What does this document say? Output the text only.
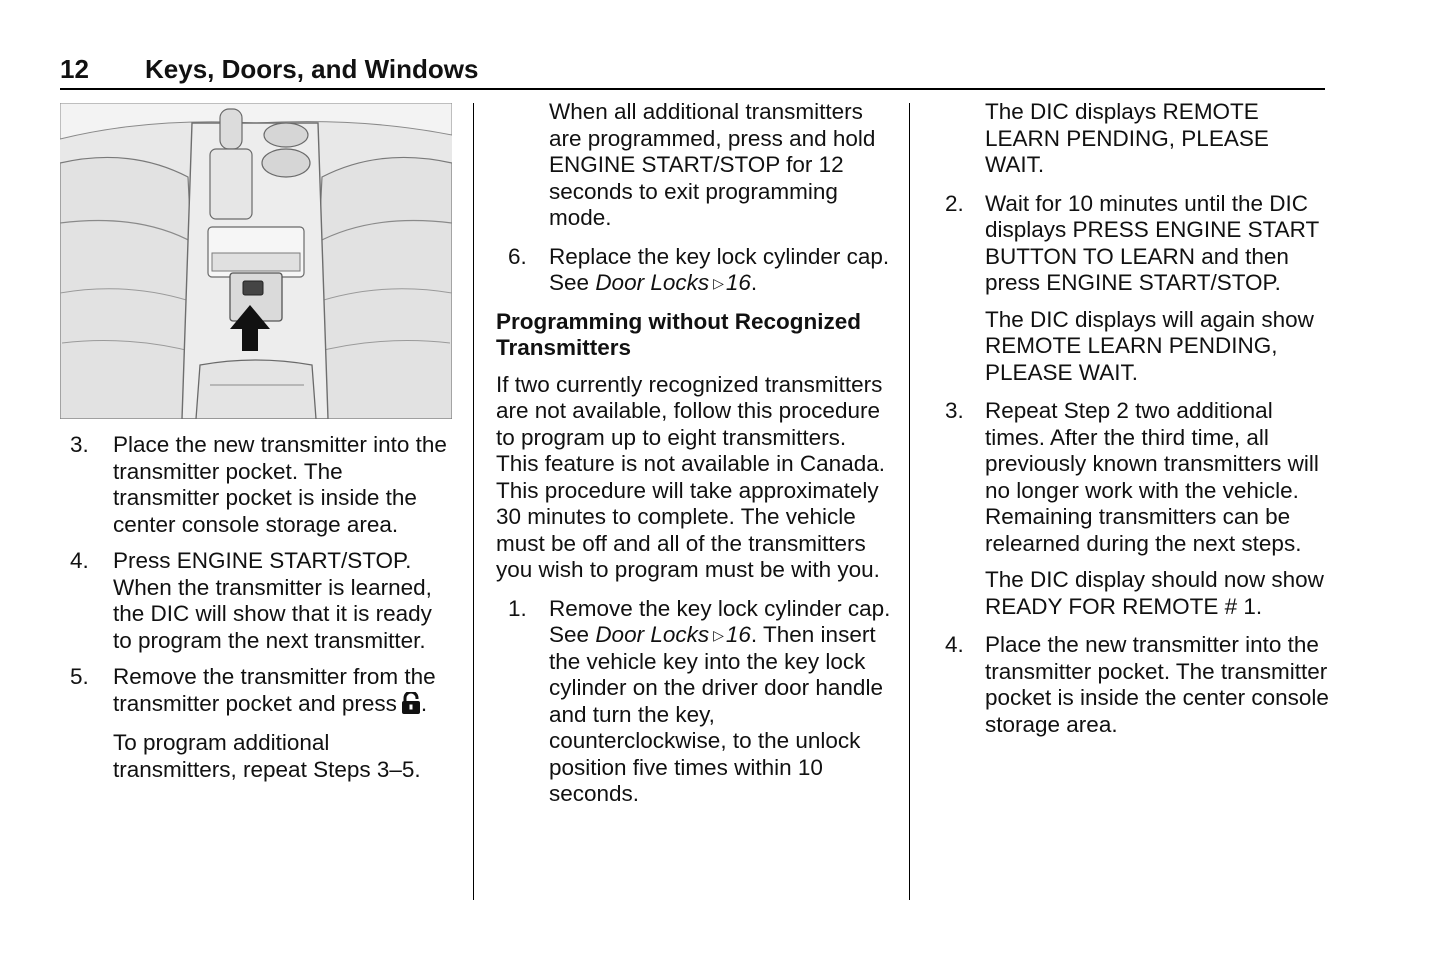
12 Keys, Doors, and Windows
3. Place the new transmitter into the transmitter pocket. The transmitter pocket is inside the center console storage area.
4. Press ENGINE START/STOP. When the transmitter is learned, the DIC will show that it is ready to program the next transmitter.
5. Remove the transmitter from the transmitter pocket and press .
To program additional transmitters, repeat Steps 3–5.
When all additional transmitters are programmed, press and hold ENGINE START/STOP for 12 seconds to exit programming mode.
6. Replace the key lock cylinder cap. See Door Locks ▷16.
Programming without Recognized Transmitters

If two currently recognized transmitters are not available, follow this procedure to program up to eight transmitters. This feature is not available in Canada. This procedure will take approximately 30 minutes to complete. The vehicle must be off and all of the transmitters you wish to program must be with you.

1. Remove the key lock cylinder cap. See Door Locks ▷16. Then insert the vehicle key into the key lock cylinder on the driver door handle and turn the key, counterclockwise, to the unlock position five times within 10 seconds.
The DIC displays REMOTE LEARN PENDING, PLEASE WAIT.
2. Wait for 10 minutes until the DIC displays PRESS ENGINE START BUTTON TO LEARN and then press ENGINE START/STOP.
The DIC displays will again show REMOTE LEARN PENDING, PLEASE WAIT.
3. Repeat Step 2 two additional times. After the third time, all previously known transmitters will no longer work with the vehicle. Remaining transmitters can be relearned during the next steps.
The DIC display should now show READY FOR REMOTE # 1.
4. Place the new transmitter into the transmitter pocket. The transmitter pocket is inside the center console storage area.
